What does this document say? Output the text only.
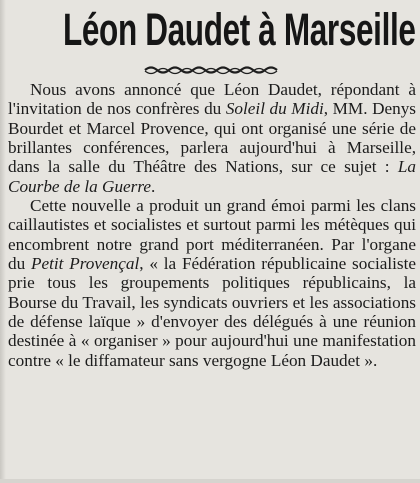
Léon Daudet à Marseille

Nous avons annoncé que Léon Daudet, répondant à l'invitation de nos confrères du Soleil du Midi, MM. Denys Bourdet et Marcel Provence, qui ont organisé une série de brillantes conférences, parlera aujourd'hui à Marseille, dans la salle du Théâtre des Nations, sur ce sujet : La Courbe de la Guerre.

Cette nouvelle a produit un grand émoi parmi les clans caillautistes et socialistes et surtout parmi les métèques qui encombrent notre grand port méditerranéen. Par l'organe du Petit Provençal, « la Fédération républicaine socialiste prie tous les groupements politiques républicains, la Bourse du Travail, les syndicats ouvriers et les associations de défense laïque » d'envoyer des délégués à une réunion destinée à « organiser » pour aujourd'hui une manifestation contre « le diffamateur sans vergogne Léon Daudet ».
